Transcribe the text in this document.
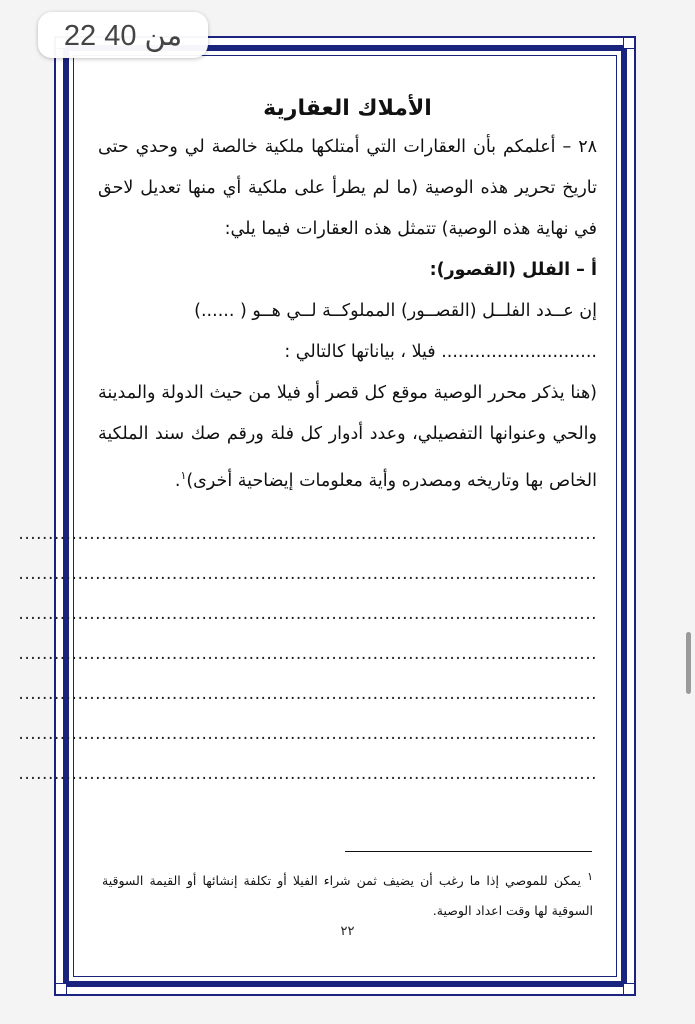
22 من 40
الأملاك العقارية

٢٨ – أعلمكم بأن العقارات التي أمتلكها ملكية خالصة لي وحدي حتى تاريخ تحرير هذه الوصية (ما لم يطرأ على ملكية أي منها تعديل لاحق في نهاية هذه الوصية) تتمثل هذه العقارات فيما يلي:

أ – الفلل (القصور):

إن عــدد الفلــل (القصــور) المملوكــة لــي هــو ( ......)

............................ فيلا ، بياناتها كالتالي :

(هنا يذكر محرر الوصية موقع كل قصر أو فيلا من حيث الدولة والمدينة والحي وعنوانها التفصيلي، وعدد أدوار كل فلة ورقم صك سند الملكية الخاص بها وتاريخه ومصدره وأية معلومات إيضاحية أخرى)$^١$.

..................................................................................................
..................................................................................................
..................................................................................................
..................................................................................................
..................................................................................................
..................................................................................................
..................................................................................................
$^١$ يمكن للموصي إذا ما رغب أن يضيف ثمن شراء الفيلا أو تكلفة إنشائها أو القيمة السوقية السوقية لها وقت اعداد الوصية.
٢٢
